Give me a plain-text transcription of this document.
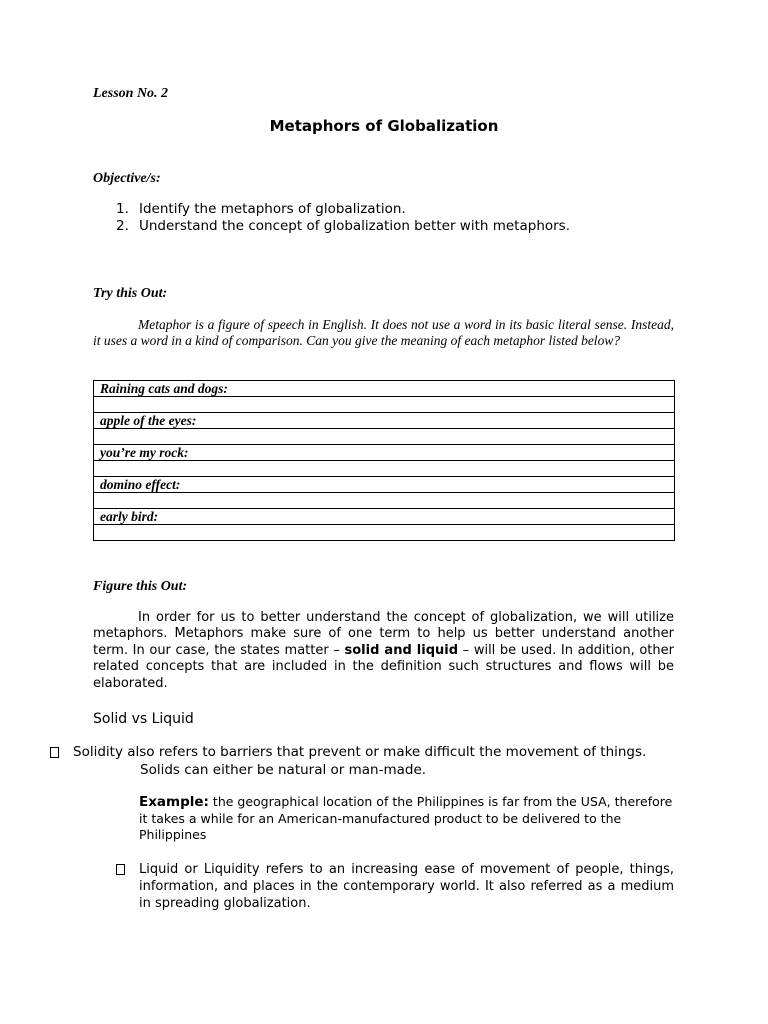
Lesson No. 2
Metaphors of Globalization
Objective/s:
1. Identify the metaphors of globalization.
2. Understand the concept of globalization better with metaphors.
Try this Out:

Metaphor is a figure of speech in English. It does not use a word in its basic literal sense. Instead, it uses a word in a kind of comparison. Can you give the meaning of each metaphor listed below?

Raining cats and dogs:

apple of the eyes:

you’re my rock:

domino effect:

early bird:

Figure this Out:

In order for us to better understand the concept of globalization, we will utilize metaphors. Metaphors make sure of one term to help us better understand another term. In our case, the states matter – solid and liquid – will be used. In addition, other related concepts that are included in the definition such structures and flows will be elaborated.

Solid vs Liquid

Solidity also refers to barriers that prevent or make difficult the movement of things.

Solids can either be natural or man-made.

Example: the geographical location of the Philippines is far from the USA, therefore it takes a while for an American-manufactured product to be delivered to the Philippines

Liquid or Liquidity refers to an increasing ease of movement of people, things, information, and places in the contemporary world. It also referred as a medium in spreading globalization.
